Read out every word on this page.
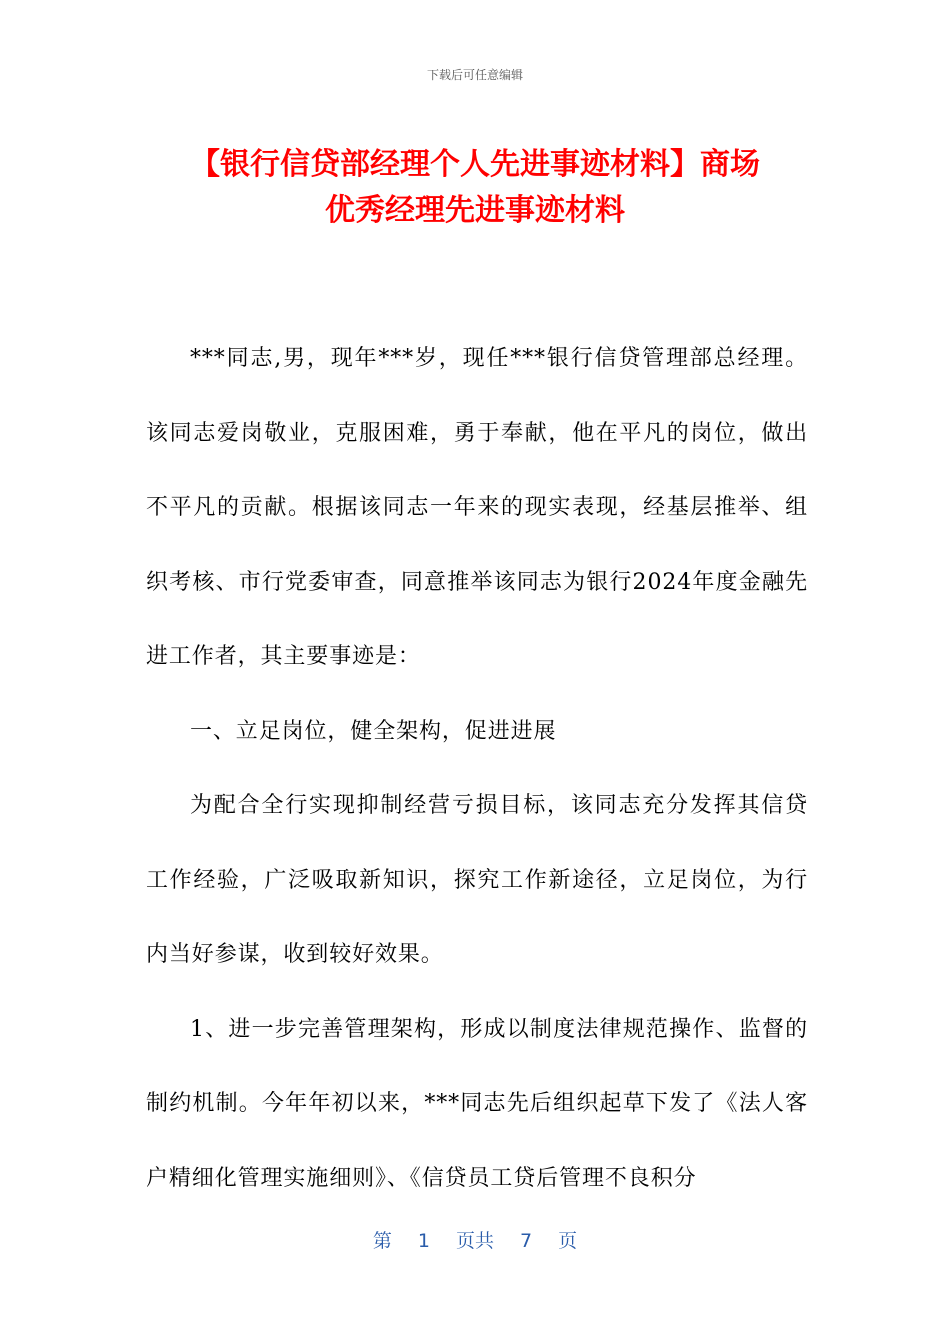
下载后可任意编辑
【银行信贷部经理个人先进事迹材料】商场
优秀经理先进事迹材料

***同志,男，现年***岁，现任***银行信贷管理部总经理。该同志爱岗敬业，克服困难，勇于奉献，他在平凡的岗位，做出不平凡的贡献。根据该同志一年来的现实表现，经基层推举、组织考核、市行党委审查，同意推举该同志为银行2024年度金融先进工作者，其主要事迹是：

一、立足岗位，健全架构，促进进展

为配合全行实现抑制经营亏损目标，该同志充分发挥其信贷工作经验，广泛吸取新知识，探究工作新途径，立足岗位，为行内当好参谋，收到较好效果。

1、进一步完善管理架构，形成以制度法律规范操作、监督的制约机制。今年年初以来，***同志先后组织起草下发了《法人客户精细化管理实施细则》、《信贷员工贷后管理不良积分

第 1 页共 7 页
